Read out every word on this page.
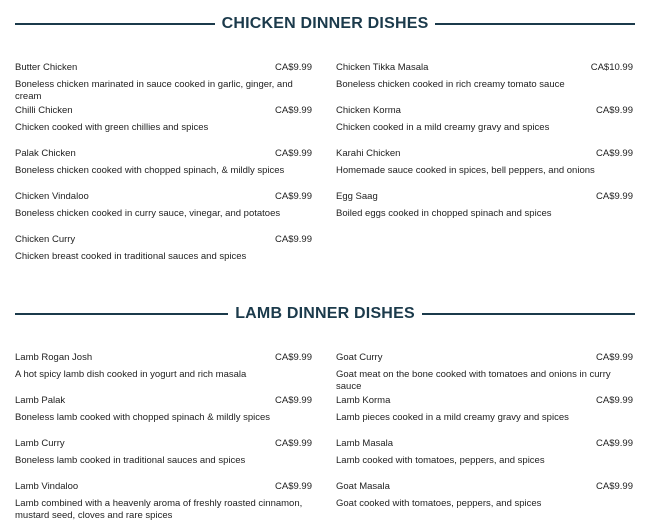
CHICKEN DINNER DISHES
Butter Chicken	CA$9.99
Boneless chicken marinated in sauce cooked in garlic, ginger, and cream
Chilli Chicken	CA$9.99
Chicken cooked with green chillies and spices
Palak Chicken	CA$9.99
Boneless chicken cooked with chopped spinach, & mildly spices
Chicken Vindaloo	CA$9.99
Boneless chicken cooked in curry sauce, vinegar, and potatoes
Chicken Curry	CA$9.99
Chicken breast cooked in traditional sauces and spices
Chicken Tikka Masala	CA$10.99
Boneless chicken cooked in rich creamy tomato sauce
Chicken Korma	CA$9.99
Chicken cooked in a mild creamy gravy and spices
Karahi Chicken	CA$9.99
Homemade sauce cooked in spices, bell peppers, and onions
Egg Saag	CA$9.99
Boiled eggs cooked in chopped spinach and spices
LAMB DINNER DISHES
Lamb Rogan Josh	CA$9.99
A hot spicy lamb dish cooked in yogurt and rich masala
Lamb Palak	CA$9.99
Boneless lamb cooked with chopped spinach & mildly spices
Lamb Curry	CA$9.99
Boneless lamb cooked in traditional sauces and spices
Lamb Vindaloo	CA$9.99
Lamb combined with a heavenly aroma of freshly roasted cinnamon, mustard seed, cloves and rare spices
Goat Curry	CA$9.99
Goat meat on the bone cooked with tomatoes and onions in curry sauce
Lamb Korma	CA$9.99
Lamb pieces cooked in a mild creamy gravy and spices
Lamb Masala	CA$9.99
Lamb cooked with tomatoes, peppers, and spices
Goat Masala	CA$9.99
Goat cooked with tomatoes, peppers, and spices
